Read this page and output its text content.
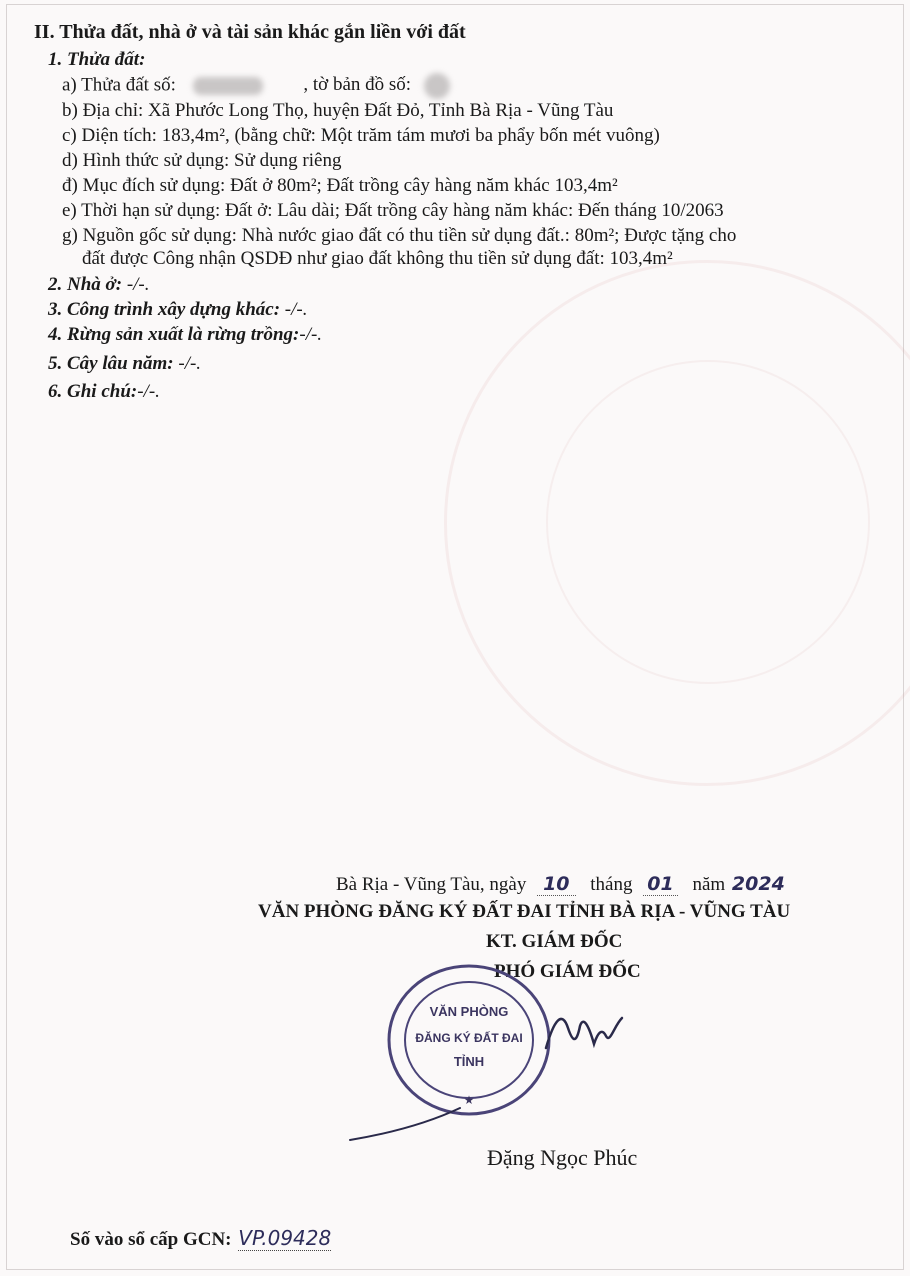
II. Thửa đất, nhà ở và tài sản khác gắn liền với đất
1. Thửa đất:
a) Thửa đất số:	, tờ bản đồ số:
b) Địa chỉ: Xã Phước Long Thọ, huyện Đất Đỏ, Tỉnh Bà Rịa - Vũng Tàu
c) Diện tích: 183,4m², (bằng chữ: Một trăm tám mươi ba phẩy bốn mét vuông)
d) Hình thức sử dụng: Sử dụng riêng
đ) Mục đích sử dụng: Đất ở 80m²; Đất trồng cây hàng năm khác 103,4m²
e) Thời hạn sử dụng: Đất ở: Lâu dài; Đất trồng cây hàng năm khác: Đến tháng 10/2063
g) Nguồn gốc sử dụng: Nhà nước giao đất có thu tiền sử dụng đất.: 80m²; Được tặng cho
đất được Công nhận QSDĐ như giao đất không thu tiền sử dụng đất: 103,4m²
2. Nhà ở: -/-.
3. Công trình xây dựng khác: -/-.
4. Rừng sản xuất là rừng trồng:-/-.
5. Cây lâu năm: -/-.
6. Ghi chú:-/-.
Bà Rịa - Vũng Tàu, ngày 10 tháng 01 năm 2024
VĂN PHÒNG ĐĂNG KÝ ĐẤT ĐAI TỈNH BÀ RỊA - VŨNG TÀU
KT. GIÁM ĐỐC
PHÓ GIÁM ĐỐC
VĂN PHÒNG
ĐĂNG KÝ ĐẤT ĐAI
TỈNH
★
Đặng Ngọc Phúc
Số vào sổ cấp GCN: VP.09428
